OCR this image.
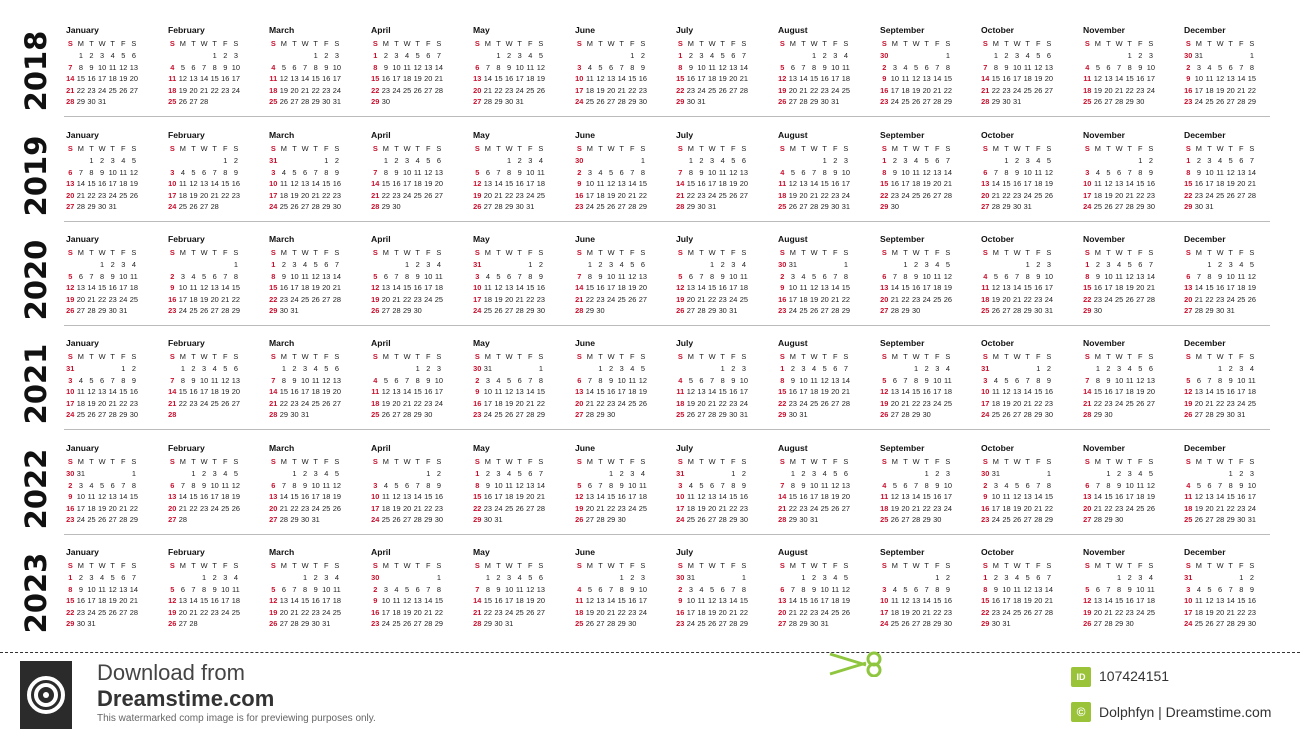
2018
January
S M T W T F S
1 2 3 4 5 6
7 8 9 10 11 12 13
14 15 16 17 18 19 20
21 22 23 24 25 26 27
28 29 30 31
February
S M T W T F S
1 2 3
4 5 6 7 8 9 10
11 12 13 14 15 16 17
18 19 20 21 22 23 24
25 26 27 28
March
S M T W T F S
1 2 3
4 5 6 7 8 9 10
11 12 13 14 15 16 17
18 19 20 21 22 23 24
25 26 27 28 29 30 31
April
S M T W T F S
1 2 3 4 5 6 7
8 9 10 11 12 13 14
15 16 17 18 19 20 21
22 23 24 25 26 27 28
29 30
May
S M T W T F S
1 2 3 4 5
6 7 8 9 10 11 12
13 14 15 16 17 18 19
20 21 22 23 24 25 26
27 28 29 30 31
June
S M T W T F S
1 2
3 4 5 6 7 8 9
10 11 12 13 14 15 16
17 18 19 20 21 22 23
24 25 26 27 28 29 30
July
S M T W T F S
1 2 3 4 5 6 7
8 9 10 11 12 13 14
15 16 17 18 19 20 21
22 23 24 25 26 27 28
29 30 31
August
S M T W T F S
1 2 3 4
5 6 7 8 9 10 11
12 13 14 15 16 17 18
19 20 21 22 23 24 25
26 27 28 29 30 31
September
S M T W T F S
1
2 3 4 5 6 7 8
9 10 11 12 13 14 15
16 17 18 19 20 21 22
23 24 25 26 27 28 29
30
October
S M T W T F S
1 2 3 4 5 6
7 8 9 10 11 12 13
14 15 16 17 18 19 20
21 22 23 24 25 26 27
28 29 30 31
November
S M T W T F S
1 2 3
4 5 6 7 8 9 10
11 12 13 14 15 16 17
18 19 20 21 22 23 24
25 26 27 28 29 30
December
S M T W T F S
1
2 3 4 5 6 7 8
9 10 11 12 13 14 15
16 17 18 19 20 21 22
23 24 25 26 27 28 29
30 31
2019
January
S M T W T F S
1 2 3 4 5
6 7 8 9 10 11 12
13 14 15 16 17 18 19
20 21 22 23 24 25 26
27 28 29 30 31
February
S M T W T F S
1 2
3 4 5 6 7 8 9
10 11 12 13 14 15 16
17 18 19 20 21 22 23
24 25 26 27 28
March
S M T W T F S
1 2
3 4 5 6 7 8 9
10 11 12 13 14 15 16
17 18 19 20 21 22 23
24 25 26 27 28 29 30
31
April
S M T W T F S
1 2 3 4 5 6
7 8 9 10 11 12 13
14 15 16 17 18 19 20
21 22 23 24 25 26 27
28 29 30
May
S M T W T F S
1 2 3 4
5 6 7 8 9 10 11
12 13 14 15 16 17 18
19 20 21 22 23 24 25
26 27 28 29 30 31
June
S M T W T F S
1
2 3 4 5 6 7 8
9 10 11 12 13 14 15
16 17 18 19 20 21 22
23 24 25 26 27 28 29
30
July
S M T W T F S
1 2 3 4 5 6
7 8 9 10 11 12 13
14 15 16 17 18 19 20
21 22 23 24 25 26 27
28 29 30 31
August
S M T W T F S
1 2 3
4 5 6 7 8 9 10
11 12 13 14 15 16 17
18 19 20 21 22 23 24
25 26 27 28 29 30 31
September
S M T W T F S
1 2 3 4 5 6 7
8 9 10 11 12 13 14
15 16 17 18 19 20 21
22 23 24 25 26 27 28
29 30
October
S M T W T F S
1 2 3 4 5
6 7 8 9 10 11 12
13 14 15 16 17 18 19
20 21 22 23 24 25 26
27 28 29 30 31
November
S M T W T F S
1 2
3 4 5 6 7 8 9
10 11 12 13 14 15 16
17 18 19 20 21 22 23
24 25 26 27 28 29 30
December
S M T W T F S
1 2 3 4 5 6 7
8 9 10 11 12 13 14
15 16 17 18 19 20 21
22 23 24 25 26 27 28
29 30 31
2020
January
S M T W T F S
1 2 3 4
5 6 7 8 9 10 11
12 13 14 15 16 17 18
19 20 21 22 23 24 25
26 27 28 29 30 31
February
S M T W T F S
1
2 3 4 5 6 7 8
9 10 11 12 13 14 15
16 17 18 19 20 21 22
23 24 25 26 27 28 29
March
S M T W T F S
1 2 3 4 5 6 7
8 9 10 11 12 13 14
15 16 17 18 19 20 21
22 23 24 25 26 27 28
29 30 31
April
S M T W T F S
1 2 3 4
5 6 7 8 9 10 11
12 13 14 15 16 17 18
19 20 21 22 23 24 25
26 27 28 29 30
May
S M T W T F S
1 2
3 4 5 6 7 8 9
10 11 12 13 14 15 16
17 18 19 20 21 22 23
24 25 26 27 28 29 30
31
June
S M T W T F S
1 2 3 4 5 6
7 8 9 10 11 12 13
14 15 16 17 18 19 20
21 22 23 24 25 26 27
28 29 30
July
S M T W T F S
1 2 3 4
5 6 7 8 9 10 11
12 13 14 15 16 17 18
19 20 21 22 23 24 25
26 27 28 29 30 31
August
S M T W T F S
1
2 3 4 5 6 7 8
9 10 11 12 13 14 15
16 17 18 19 20 21 22
23 24 25 26 27 28 29
30 31
September
S M T W T F S
1 2 3 4 5
6 7 8 9 10 11 12
13 14 15 16 17 18 19
20 21 22 23 24 25 26
27 28 29 30
October
S M T W T F S
1 2 3
4 5 6 7 8 9 10
11 12 13 14 15 16 17
18 19 20 21 22 23 24
25 26 27 28 29 30 31
November
S M T W T F S
1 2 3 4 5 6 7
8 9 10 11 12 13 14
15 16 17 18 19 20 21
22 23 24 25 26 27 28
29 30
December
S M T W T F S
1 2 3 4 5
6 7 8 9 10 11 12
13 14 15 16 17 18 19
20 21 22 23 24 25 26
27 28 29 30 31
2021
January
S M T W T F S
1 2
3 4 5 6 7 8 9
10 11 12 13 14 15 16
17 18 19 20 21 22 23
24 25 26 27 28 29 30
31
February
S M T W T F S
1 2 3 4 5 6
7 8 9 10 11 12 13
14 15 16 17 18 19 20
21 22 23 24 25 26 27
28
March
S M T W T F S
1 2 3 4 5 6
7 8 9 10 11 12 13
14 15 16 17 18 19 20
21 22 23 24 25 26 27
28 29 30 31
April
S M T W T F S
1 2 3
4 5 6 7 8 9 10
11 12 13 14 15 16 17
18 19 20 21 22 23 24
25 26 27 28 29 30
May
S M T W T F S
1
2 3 4 5 6 7 8
9 10 11 12 13 14 15
16 17 18 19 20 21 22
23 24 25 26 27 28 29
30 31
June
S M T W T F S
1 2 3 4 5
6 7 8 9 10 11 12
13 14 15 16 17 18 19
20 21 22 23 24 25 26
27 28 29 30
July
S M T W T F S
1 2 3
4 5 6 7 8 9 10
11 12 13 14 15 16 17
18 19 20 21 22 23 24
25 26 27 28 29 30 31
August
S M T W T F S
1 2 3 4 5 6 7
8 9 10 11 12 13 14
15 16 17 18 19 20 21
22 23 24 25 26 27 28
29 30 31
September
S M T W T F S
1 2 3 4
5 6 7 8 9 10 11
12 13 14 15 16 17 18
19 20 21 22 23 24 25
26 27 28 29 30
October
S M T W T F S
1 2
3 4 5 6 7 8 9
10 11 12 13 14 15 16
17 18 19 20 21 22 23
24 25 26 27 28 29 30
31
November
S M T W T F S
1 2 3 4 5 6
7 8 9 10 11 12 13
14 15 16 17 18 19 20
21 22 23 24 25 26 27
28 29 30
December
S M T W T F S
1 2 3 4
5 6 7 8 9 10 11
12 13 14 15 16 17 18
19 20 21 22 23 24 25
26 27 28 29 30 31
2022
January
S M T W T F S
1
2 3 4 5 6 7 8
9 10 11 12 13 14 15
16 17 18 19 20 21 22
23 24 25 26 27 28 29
30 31
February
S M T W T F S
1 2 3 4 5
6 7 8 9 10 11 12
13 14 15 16 17 18 19
20 21 22 23 24 25 26
27 28
March
S M T W T F S
1 2 3 4 5
6 7 8 9 10 11 12
13 14 15 16 17 18 19
20 21 22 23 24 25 26
27 28 29 30 31
April
S M T W T F S
1 2
3 4 5 6 7 8 9
10 11 12 13 14 15 16
17 18 19 20 21 22 23
24 25 26 27 28 29 30
May
S M T W T F S
1 2 3 4 5 6 7
8 9 10 11 12 13 14
15 16 17 18 19 20 21
22 23 24 25 26 27 28
29 30 31
June
S M T W T F S
1 2 3 4
5 6 7 8 9 10 11
12 13 14 15 16 17 18
19 20 21 22 23 24 25
26 27 28 29 30
July
S M T W T F S
1 2
3 4 5 6 7 8 9
10 11 12 13 14 15 16
17 18 19 20 21 22 23
24 25 26 27 28 29 30
31
August
S M T W T F S
1 2 3 4 5 6
7 8 9 10 11 12 13
14 15 16 17 18 19 20
21 22 23 24 25 26 27
28 29 30 31
September
S M T W T F S
1 2 3
4 5 6 7 8 9 10
11 12 13 14 15 16 17
18 19 20 21 22 23 24
25 26 27 28 29 30
October
S M T W T F S
1
2 3 4 5 6 7 8
9 10 11 12 13 14 15
16 17 18 19 20 21 22
23 24 25 26 27 28 29
30 31
November
S M T W T F S
1 2 3 4 5
6 7 8 9 10 11 12
13 14 15 16 17 18 19
20 21 22 23 24 25 26
27 28 29 30
December
S M T W T F S
1 2 3
4 5 6 7 8 9 10
11 12 13 14 15 16 17
18 19 20 21 22 23 24
25 26 27 28 29 30 31
2023
January
S M T W T F S
1 2 3 4 5 6 7
8 9 10 11 12 13 14
15 16 17 18 19 20 21
22 23 24 25 26 27 28
29 30 31
February
S M T W T F S
1 2 3 4
5 6 7 8 9 10 11
12 13 14 15 16 17 18
19 20 21 22 23 24 25
26 27 28
March
S M T W T F S
1 2 3 4
5 6 7 8 9 10 11
12 13 14 15 16 17 18
19 20 21 22 23 24 25
26 27 28 29 30 31
April
S M T W T F S
1
2 3 4 5 6 7 8
9 10 11 12 13 14 15
16 17 18 19 20 21 22
23 24 25 26 27 28 29
30
May
S M T W T F S
1 2 3 4 5 6
7 8 9 10 11 12 13
14 15 16 17 18 19 20
21 22 23 24 25 26 27
28 29 30 31
June
S M T W T F S
1 2 3
4 5 6 7 8 9 10
11 12 13 14 15 16 17
18 19 20 21 22 23 24
25 26 27 28 29 30
July
S M T W T F S
1
2 3 4 5 6 7 8
9 10 11 12 13 14 15
16 17 18 19 20 21 22
23 24 25 26 27 28 29
30 31
August
S M T W T F S
1 2 3 4 5
6 7 8 9 10 11 12
13 14 15 16 17 18 19
20 21 22 23 24 25 26
27 28 29 30 31
September
S M T W T F S
1 2
3 4 5 6 7 8 9
10 11 12 13 14 15 16
17 18 19 20 21 22 23
24 25 26 27 28 29 30
October
S M T W T F S
1 2 3 4 5 6 7
8 9 10 11 12 13 14
15 16 17 18 19 20 21
22 23 24 25 26 27 28
29 30 31
November
S M T W T F S
1 2 3 4
5 6 7 8 9 10 11
12 13 14 15 16 17 18
19 20 21 22 23 24 25
26 27 28 29 30
December
S M T W T F S
1 2
3 4 5 6 7 8 9
10 11 12 13 14 15 16
17 18 19 20 21 22 23
24 25 26 27 28 29 30
31
Download from
Dreamstime.com
This watermarked comp image is for previewing purposes only.
ID 107424151
© Dolphfyn | Dreamstime.com
